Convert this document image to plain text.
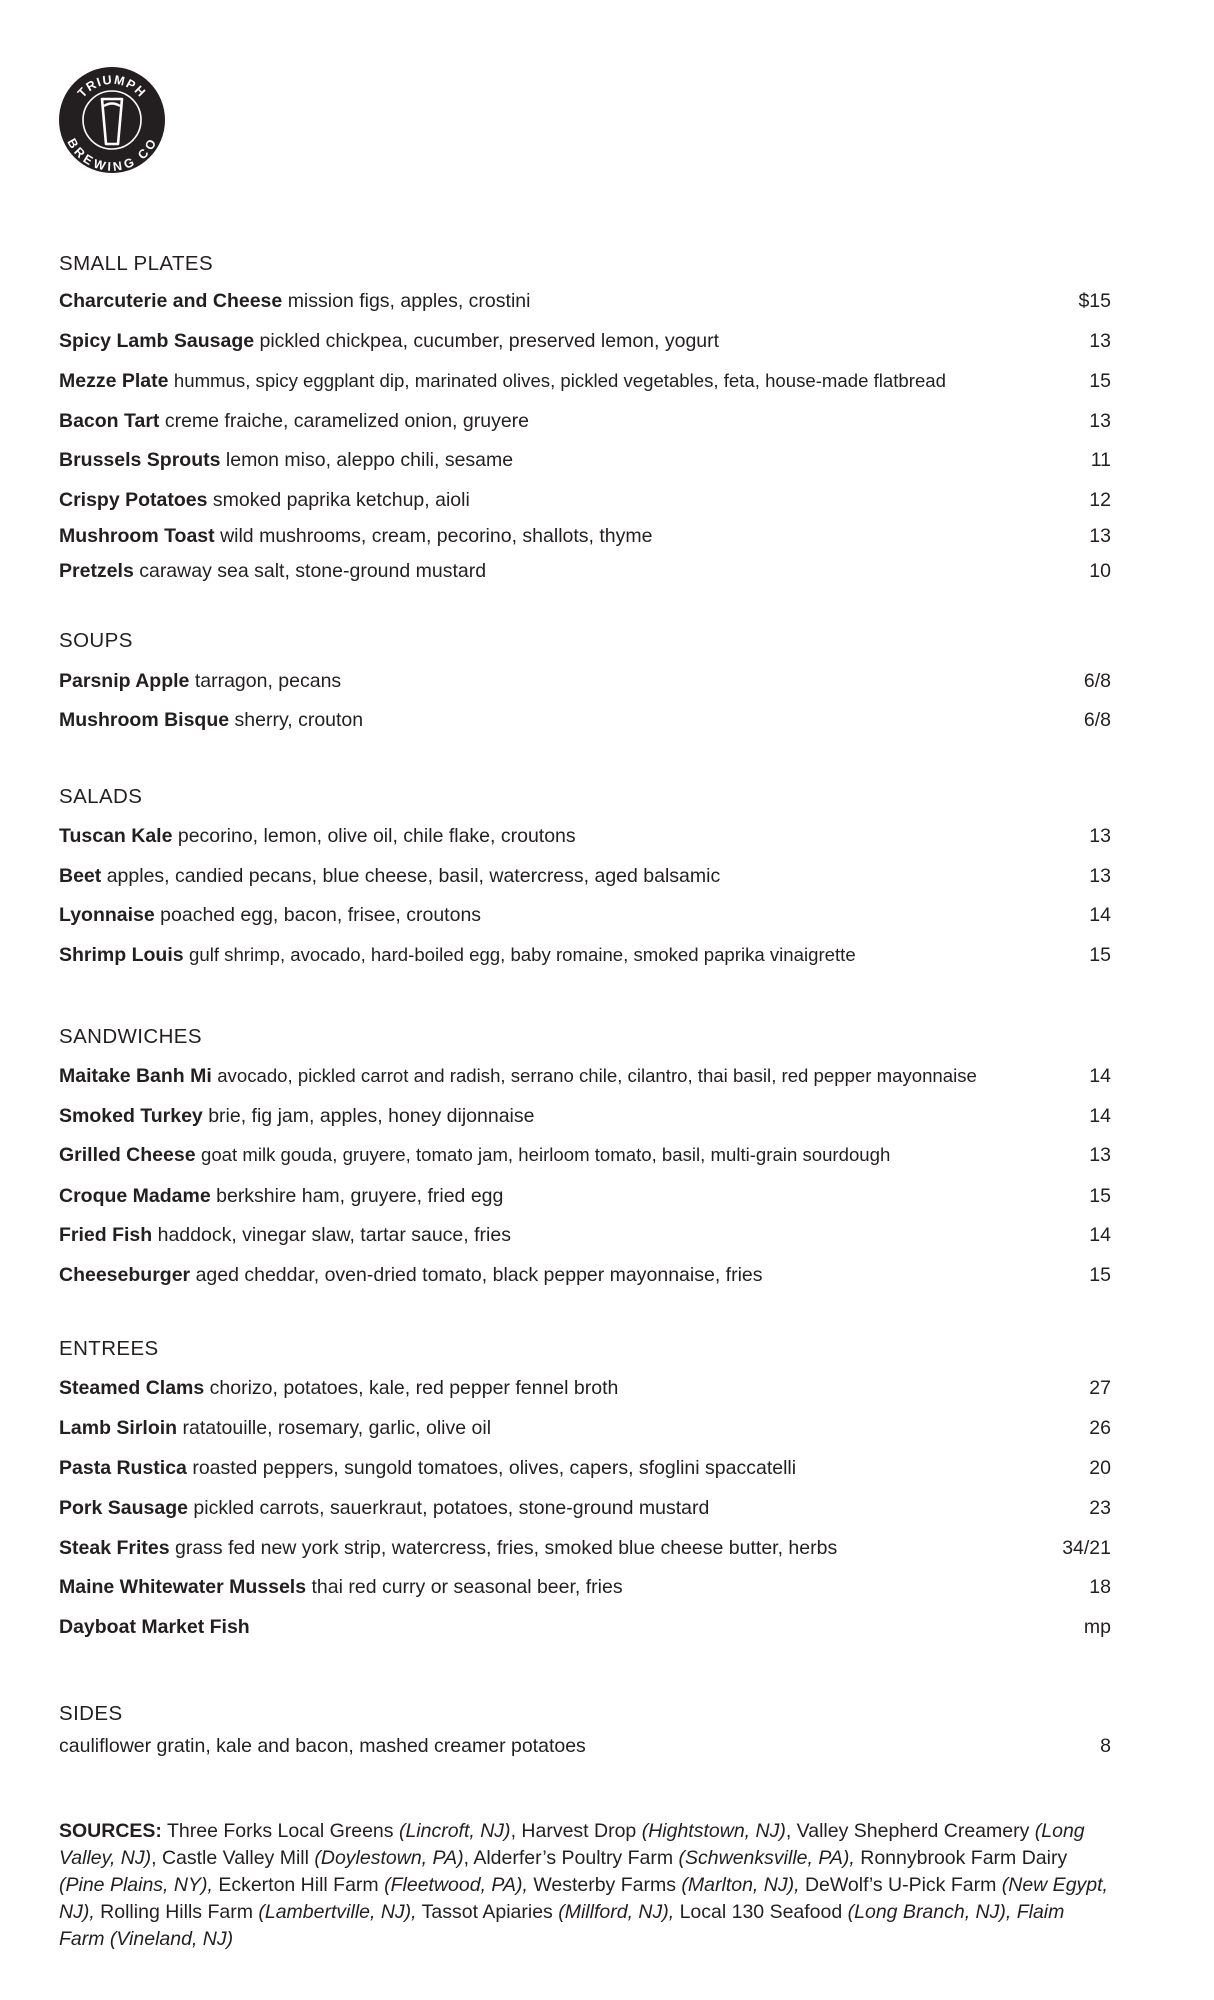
TRIUMPH
BREWING CO
SMALL PLATES
Charcuterie and Cheese mission figs, apples, crostini	$15
Spicy Lamb Sausage pickled chickpea, cucumber, preserved lemon, yogurt	13
Mezze Plate hummus, spicy eggplant dip, marinated olives, pickled vegetables, feta, house-made flatbread	15
Bacon Tart creme fraiche, caramelized onion, gruyere	13
Brussels Sprouts lemon miso, aleppo chili, sesame	11
Crispy Potatoes smoked paprika ketchup, aioli	12
Mushroom Toast wild mushrooms, cream, pecorino, shallots, thyme	13
Pretzels caraway sea salt, stone-ground mustard	10
SOUPS
Parsnip Apple tarragon, pecans	6/8
Mushroom Bisque sherry, crouton	6/8
SALADS
Tuscan Kale pecorino, lemon, olive oil, chile flake, croutons	13
Beet apples, candied pecans, blue cheese, basil, watercress, aged balsamic	13
Lyonnaise poached egg, bacon, frisee, croutons	14
Shrimp Louis gulf shrimp, avocado, hard-boiled egg, baby romaine, smoked paprika vinaigrette	15
SANDWICHES
Maitake Banh Mi avocado, pickled carrot and radish, serrano chile, cilantro, thai basil, red pepper mayonnaise	14
Smoked Turkey brie, fig jam, apples, honey dijonnaise	14
Grilled Cheese goat milk gouda, gruyere, tomato jam, heirloom tomato, basil, multi-grain sourdough	13
Croque Madame berkshire ham, gruyere, fried egg	15
Fried Fish haddock, vinegar slaw, tartar sauce, fries	14
Cheeseburger aged cheddar, oven-dried tomato, black pepper mayonnaise, fries	15
ENTREES
Steamed Clams chorizo, potatoes, kale, red pepper fennel broth	27
Lamb Sirloin ratatouille, rosemary, garlic, olive oil	26
Pasta Rustica roasted peppers, sungold tomatoes, olives, capers, sfoglini spaccatelli	20
Pork Sausage pickled carrots, sauerkraut, potatoes, stone-ground mustard	23
Steak Frites grass fed new york strip, watercress, fries, smoked blue cheese butter, herbs	34/21
Maine Whitewater Mussels thai red curry or seasonal beer, fries	18
Dayboat Market Fish	mp
SIDES
cauliflower gratin, kale and bacon, mashed creamer potatoes	8
SOURCES: Three Forks Local Greens (Lincroft, NJ), Harvest Drop (Hightstown, NJ), Valley Shepherd Creamery (Long Valley, NJ), Castle Valley Mill (Doylestown, PA), Alderfer’s Poultry Farm (Schwenksville, PA), Ronnybrook Farm Dairy (Pine Plains, NY), Eckerton Hill Farm (Fleetwood, PA), Westerby Farms (Marlton, NJ), DeWolf’s U-Pick Farm (New Egypt, NJ), Rolling Hills Farm (Lambertville, NJ), Tassot Apiaries (Millford, NJ), Local 130 Seafood (Long Branch, NJ), Flaim Farm (Vineland, NJ)
